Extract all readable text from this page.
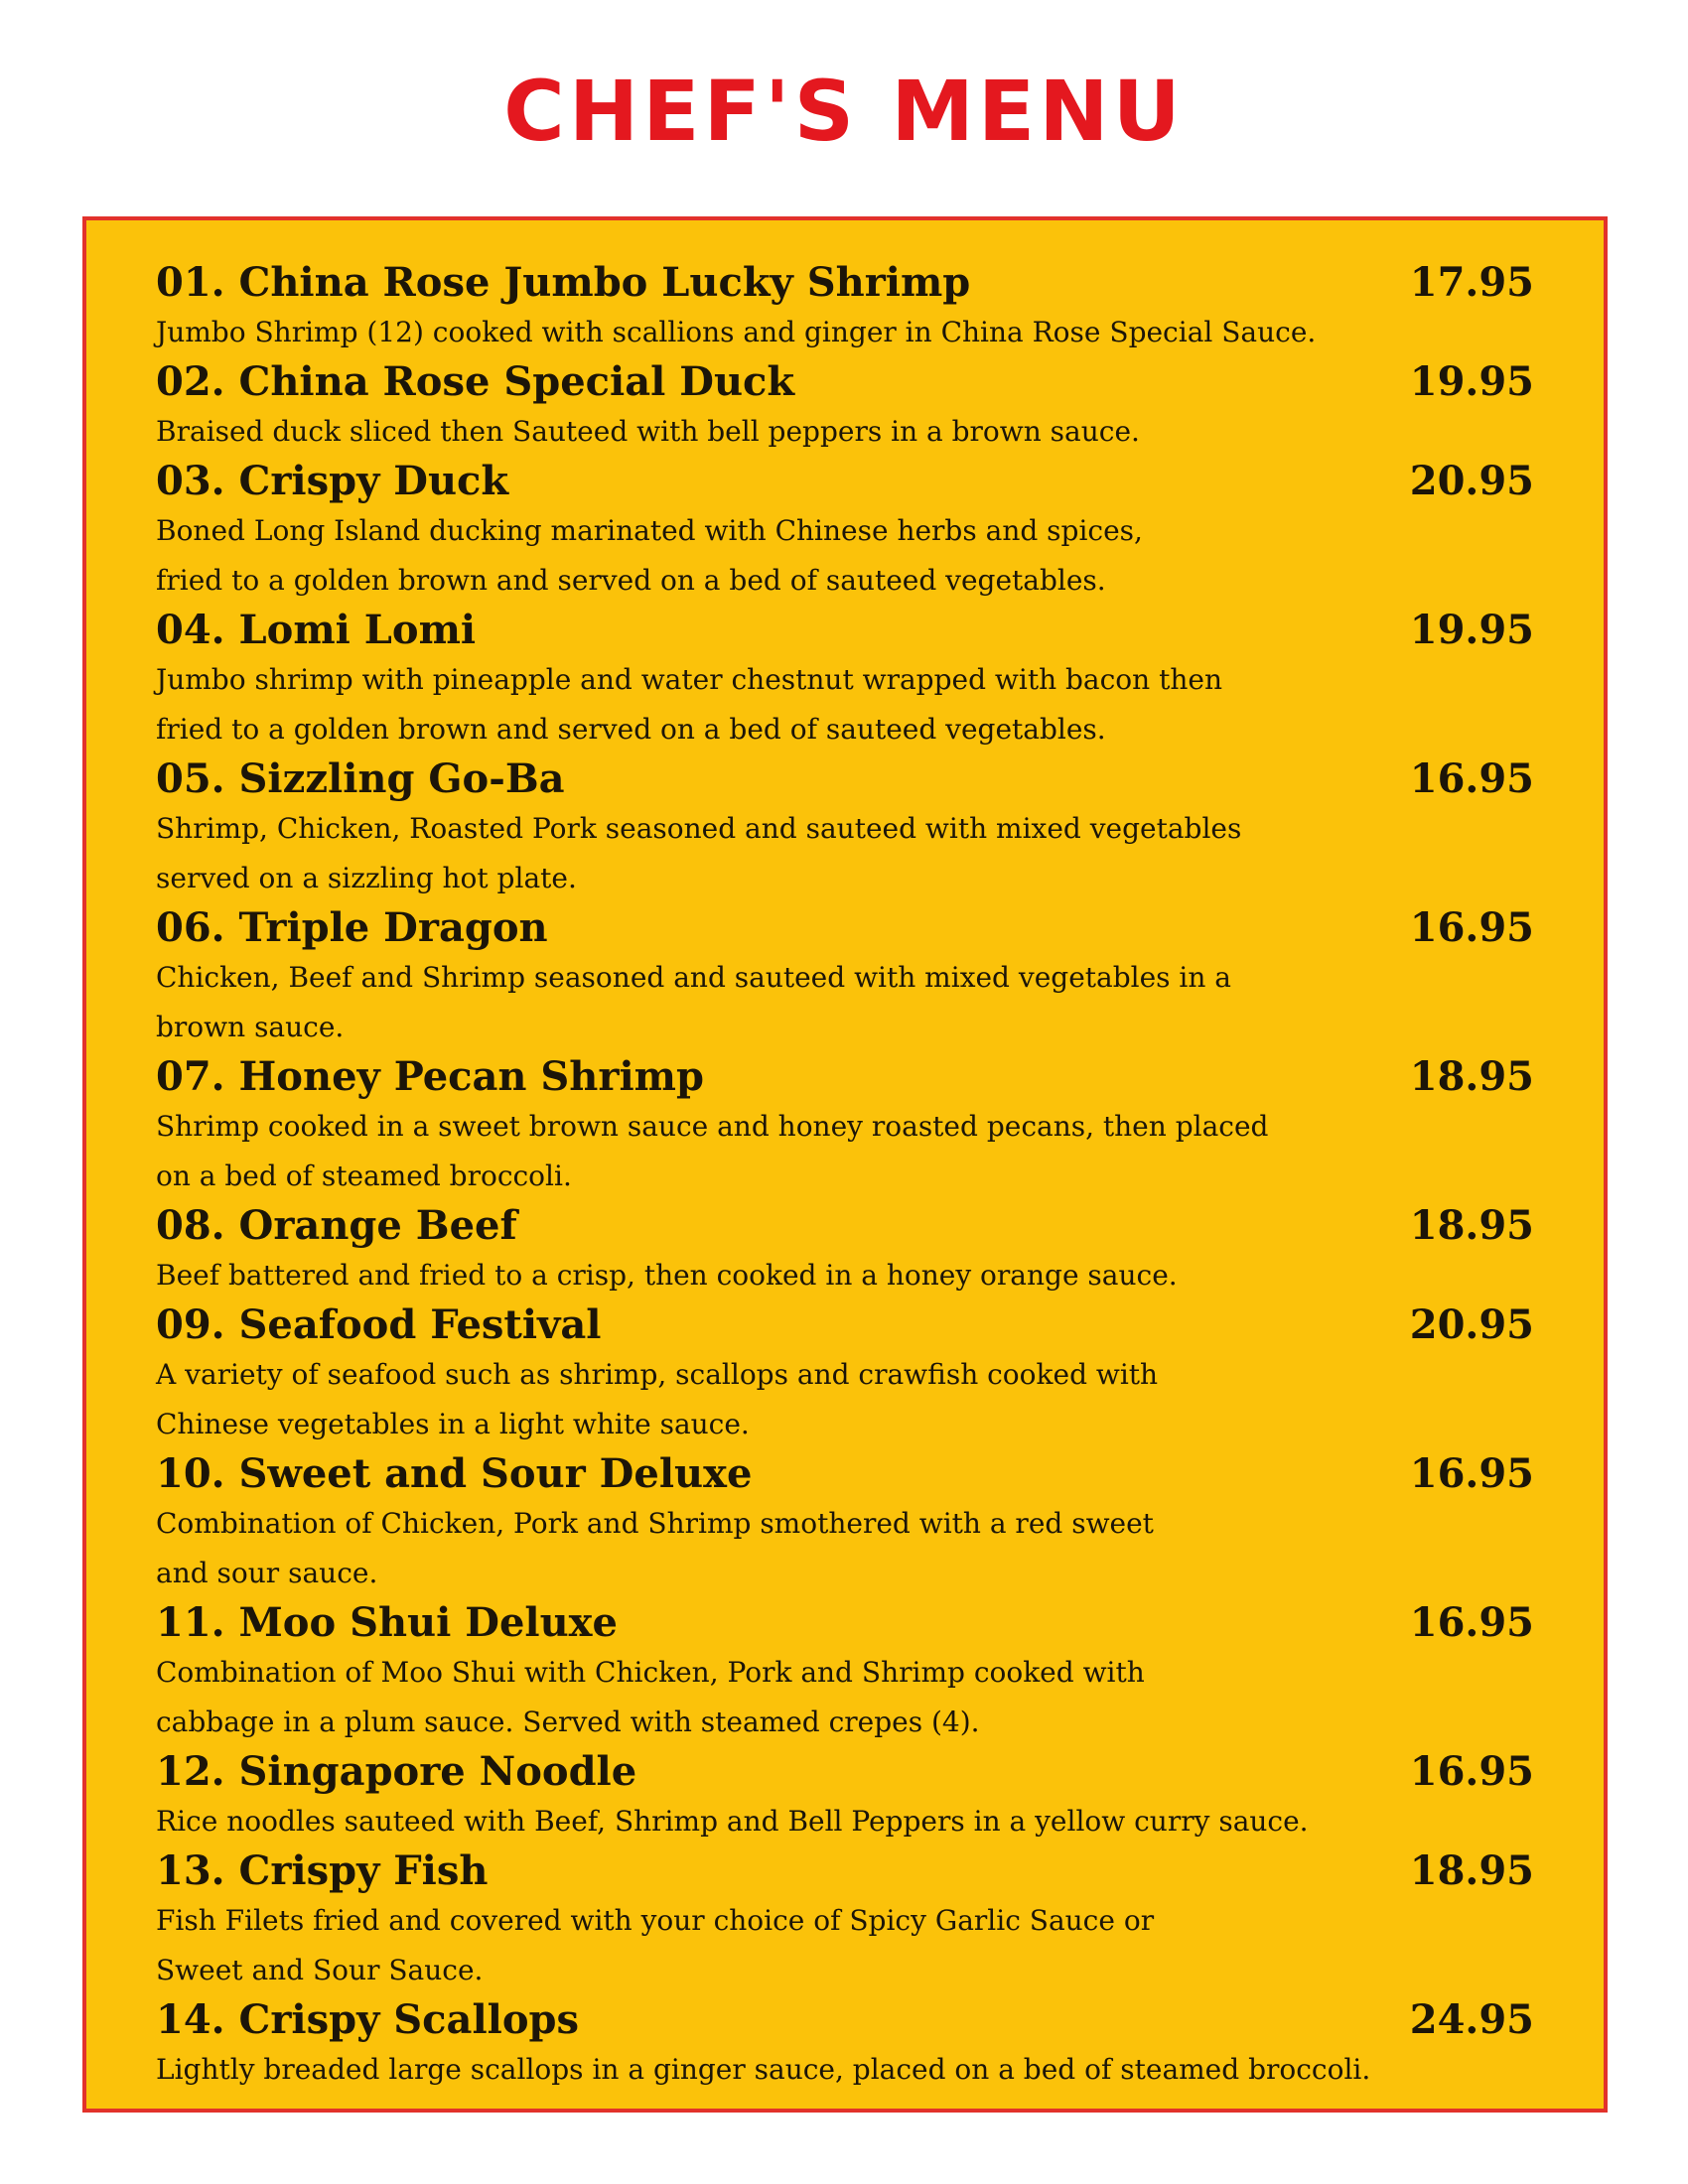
CHEF'S MENU
01. China Rose Jumbo Lucky Shrimp	17.95
Jumbo Shrimp (12) cooked with scallions and ginger in China Rose Special Sauce.
02. China Rose Special Duck	19.95
Braised duck sliced then Sauteed with bell peppers in a brown sauce.
03. Crispy Duck	20.95
Boned Long Island ducking marinated with Chinese herbs and spices,
fried to a golden brown and served on a bed of sauteed vegetables.
04. Lomi Lomi	19.95
Jumbo shrimp with pineapple and water chestnut wrapped with bacon then
fried to a golden brown and served on a bed of sauteed vegetables.
05. Sizzling Go-Ba	16.95
Shrimp, Chicken, Roasted Pork seasoned and sauteed with mixed vegetables
served on a sizzling hot plate.
06. Triple Dragon	16.95
Chicken, Beef and Shrimp seasoned and sauteed with mixed vegetables in a
brown sauce.
07. Honey Pecan Shrimp	18.95
Shrimp cooked in a sweet brown sauce and honey roasted pecans, then placed
on a bed of steamed broccoli.
08. Orange Beef	18.95
Beef battered and fried to a crisp, then cooked in a honey orange sauce.
09. Seafood Festival	20.95
A variety of seafood such as shrimp, scallops and crawfish cooked with
Chinese vegetables in a light white sauce.
10. Sweet and Sour Deluxe	16.95
Combination of Chicken, Pork and Shrimp smothered with a red sweet
and sour sauce.
11. Moo Shui Deluxe	16.95
Combination of Moo Shui with Chicken, Pork and Shrimp cooked with
cabbage in a plum sauce. Served with steamed crepes (4).
12. Singapore Noodle	16.95
Rice noodles sauteed with Beef, Shrimp and Bell Peppers in a yellow curry sauce.
13. Crispy Fish	18.95
Fish Filets fried and covered with your choice of Spicy Garlic Sauce or
Sweet and Sour Sauce.
14. Crispy Scallops	24.95
Lightly breaded large scallops in a ginger sauce, placed on a bed of steamed broccoli.
